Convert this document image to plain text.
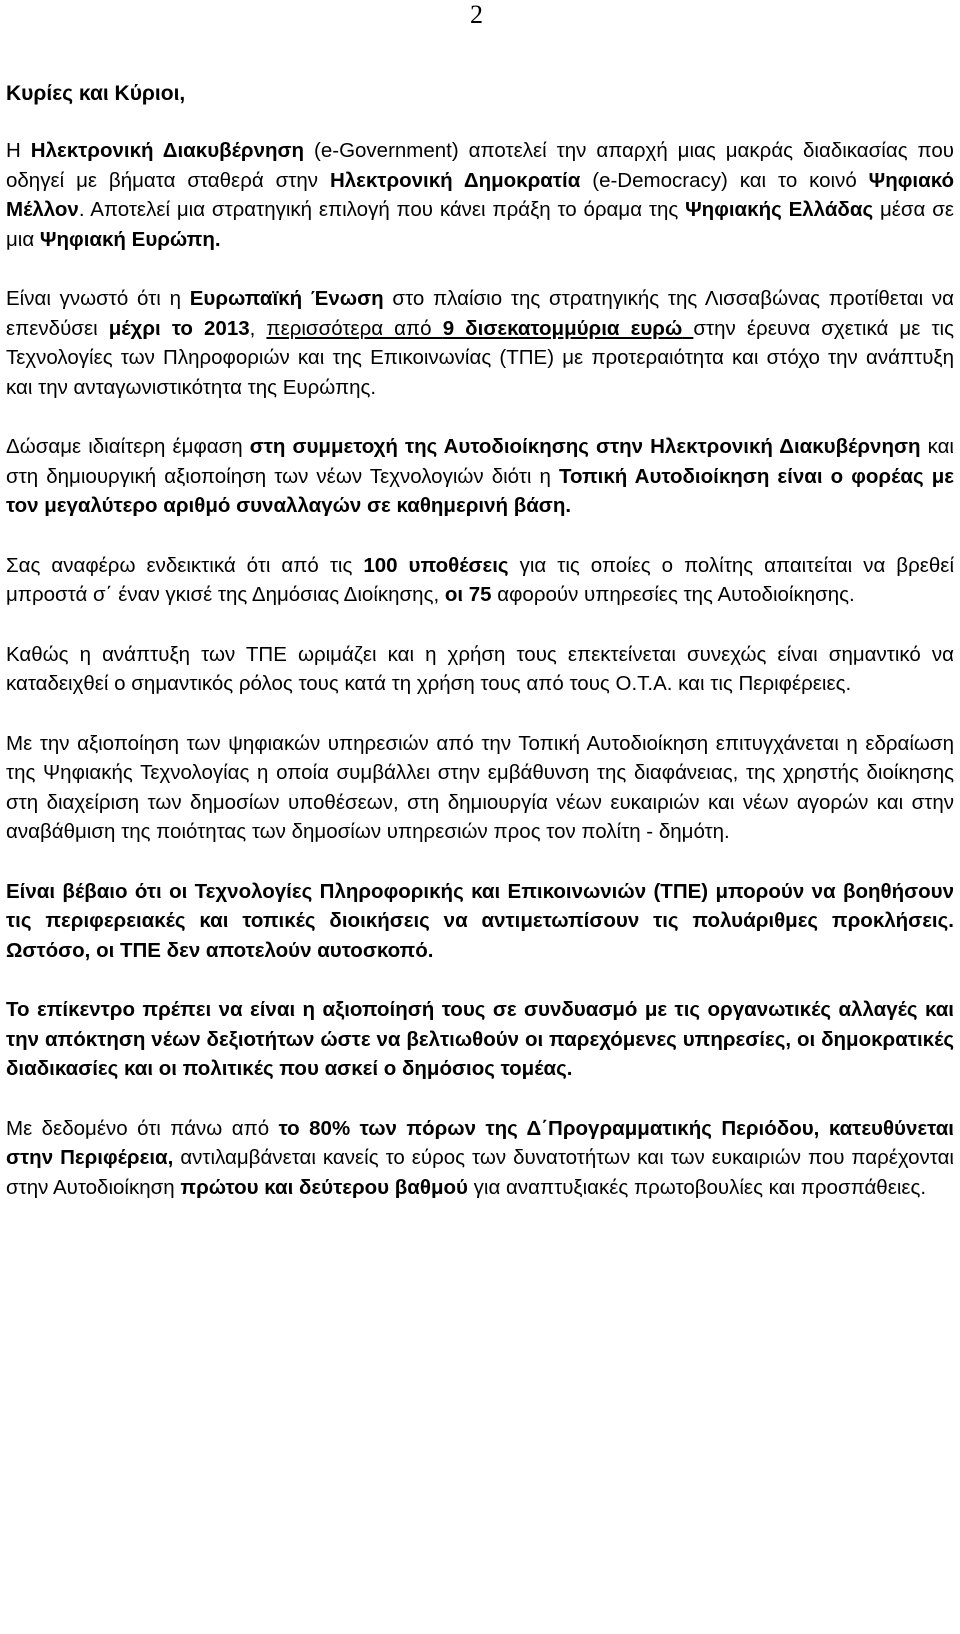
2

Κυρίες και Κύριοι,

Η Ηλεκτρονική Διακυβέρνηση (e-Government) αποτελεί την απαρχή μιας μακράς διαδικασίας που οδηγεί με βήματα σταθερά στην Ηλεκτρονική Δημοκρατία (e-Democracy) και το κοινό Ψηφιακό Μέλλον. Αποτελεί μια στρατηγική επιλογή που κάνει πράξη το όραμα της Ψηφιακής Ελλάδας μέσα σε μια Ψηφιακή Ευρώπη.

Είναι γνωστό ότι η Ευρωπαϊκή Ένωση στο πλαίσιο της στρατηγικής της Λισσαβώνας προτίθεται να επενδύσει μέχρι το 2013, περισσότερα από 9 δισεκατομμύρια ευρώ στην έρευνα σχετικά με τις Τεχνολογίες των Πληροφοριών και της Επικοινωνίας (ΤΠΕ) με προτεραιότητα και στόχο την ανάπτυξη και την ανταγωνιστικότητα της Ευρώπης.

Δώσαμε ιδιαίτερη έμφαση στη συμμετοχή της Αυτοδιοίκησης στην Ηλεκτρονική Διακυβέρνηση και στη δημιουργική αξιοποίηση των νέων Τεχνολογιών διότι η Τοπική Αυτοδιοίκηση είναι ο φορέας με τον μεγαλύτερο αριθμό συναλλαγών σε καθημερινή βάση.

Σας αναφέρω ενδεικτικά ότι από τις 100 υποθέσεις για τις οποίες ο πολίτης απαιτείται να βρεθεί μπροστά σ΄ έναν γκισέ της Δημόσιας Διοίκησης, οι 75 αφορούν υπηρεσίες της Αυτοδιοίκησης.

Καθώς η ανάπτυξη των ΤΠΕ ωριμάζει και η χρήση τους επεκτείνεται συνεχώς είναι σημαντικό να καταδειχθεί ο σημαντικός ρόλος τους κατά τη χρήση τους από τους Ο.Τ.Α. και τις Περιφέρειες.

Με την αξιοποίηση των ψηφιακών υπηρεσιών από την Τοπική Αυτοδιοίκηση επιτυγχάνεται η εδραίωση της Ψηφιακής Τεχνολογίας η οποία συμβάλλει στην εμβάθυνση της διαφάνειας, της χρηστής διοίκησης στη διαχείριση των δημοσίων υποθέσεων, στη δημιουργία νέων ευκαιριών και νέων αγορών και στην αναβάθμιση της ποιότητας των δημοσίων υπηρεσιών προς τον πολίτη - δημότη.

Είναι βέβαιο ότι οι Τεχνολογίες Πληροφορικής και Επικοινωνιών (ΤΠΕ) μπορούν να βοηθήσουν τις περιφερειακές και τοπικές διοικήσεις να αντιμετωπίσουν τις πολυάριθμες προκλήσεις. Ωστόσο, οι ΤΠΕ δεν αποτελούν αυτοσκοπό.

Το επίκεντρο πρέπει να είναι η αξιοποίησή τους σε συνδυασμό με τις οργανωτικές αλλαγές και την απόκτηση νέων δεξιοτήτων ώστε να βελτιωθούν οι παρεχόμενες υπηρεσίες, οι δημοκρατικές διαδικασίες και οι πολιτικές που ασκεί ο δημόσιος τομέας.

Με δεδομένο ότι πάνω από το 80% των πόρων της Δ΄Προγραμματικής Περιόδου, κατευθύνεται στην Περιφέρεια, αντιλαμβάνεται κανείς το εύρος των δυνατοτήτων και των ευκαιριών που παρέχονται στην Αυτοδιοίκηση πρώτου και δεύτερου βαθμού για αναπτυξιακές πρωτοβουλίες και προσπάθειες.
